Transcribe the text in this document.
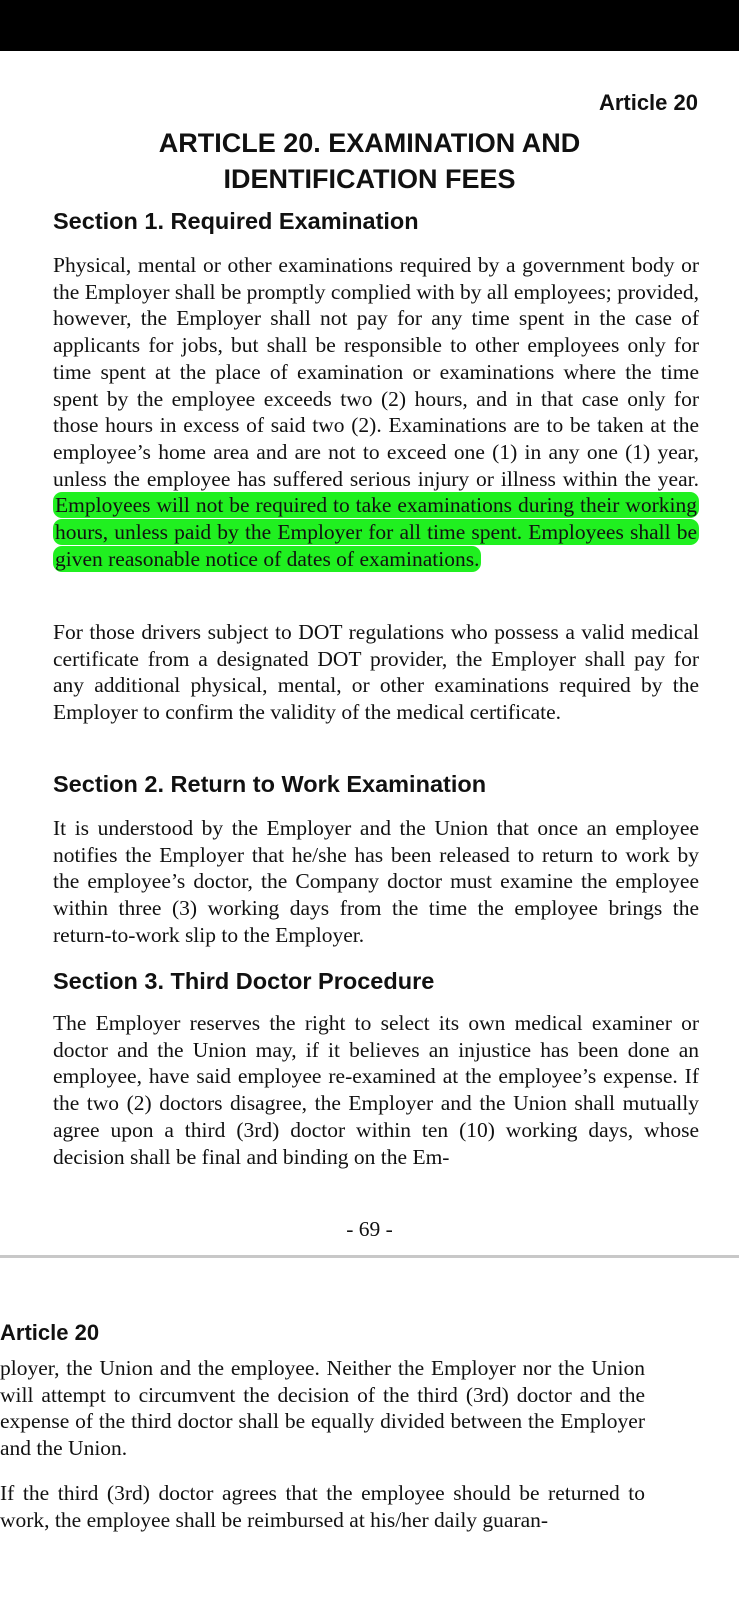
Article 20
ARTICLE 20. EXAMINATION AND
IDENTIFICATION FEES
Section 1. Required Examination
Physical, mental or other examinations required by a government body or the Employer shall be promptly complied with by all employees; provided, however, the Employer shall not pay for any time spent in the case of applicants for jobs, but shall be responsible to other employees only for time spent at the place of examination or examinations where the time spent by the employee exceeds two (2) hours, and in that case only for those hours in excess of said two (2). Examinations are to be taken at the employee’s home area and are not to exceed one (1) in any one (1) year, unless the employee has suffered serious injury or illness within the year. Employees will not be required to take examinations during their working hours, unless paid by the Employer for all time spent. Employees shall be given reasonable notice of dates of examinations.
For those drivers subject to DOT regulations who possess a valid medical certificate from a designated DOT provider, the Employer shall pay for any additional physical, mental, or other examinations required by the Employer to confirm the validity of the medical certificate.
Section 2. Return to Work Examination
It is understood by the Employer and the Union that once an employee notifies the Employer that he/she has been released to return to work by the employee’s doctor, the Company doctor must examine the employee within three (3) working days from the time the employee brings the return-to-work slip to the Employer.
Section 3. Third Doctor Procedure
The Employer reserves the right to select its own medical examiner or doctor and the Union may, if it believes an injustice has been done an employee, have said employee re-examined at the employee’s expense. If the two (2) doctors disagree, the Employer and the Union shall mutually agree upon a third (3rd) doctor within ten (10) working days, whose decision shall be final and binding on the Em-
- 69 -
Article 20
ployer, the Union and the employee. Neither the Employer nor the Union will attempt to circumvent the decision of the third (3rd) doctor and the expense of the third doctor shall be equally divided between the Employer and the Union.
If the third (3rd) doctor agrees that the employee should be returned to work, the employee shall be reimbursed at his/her daily guaran-
